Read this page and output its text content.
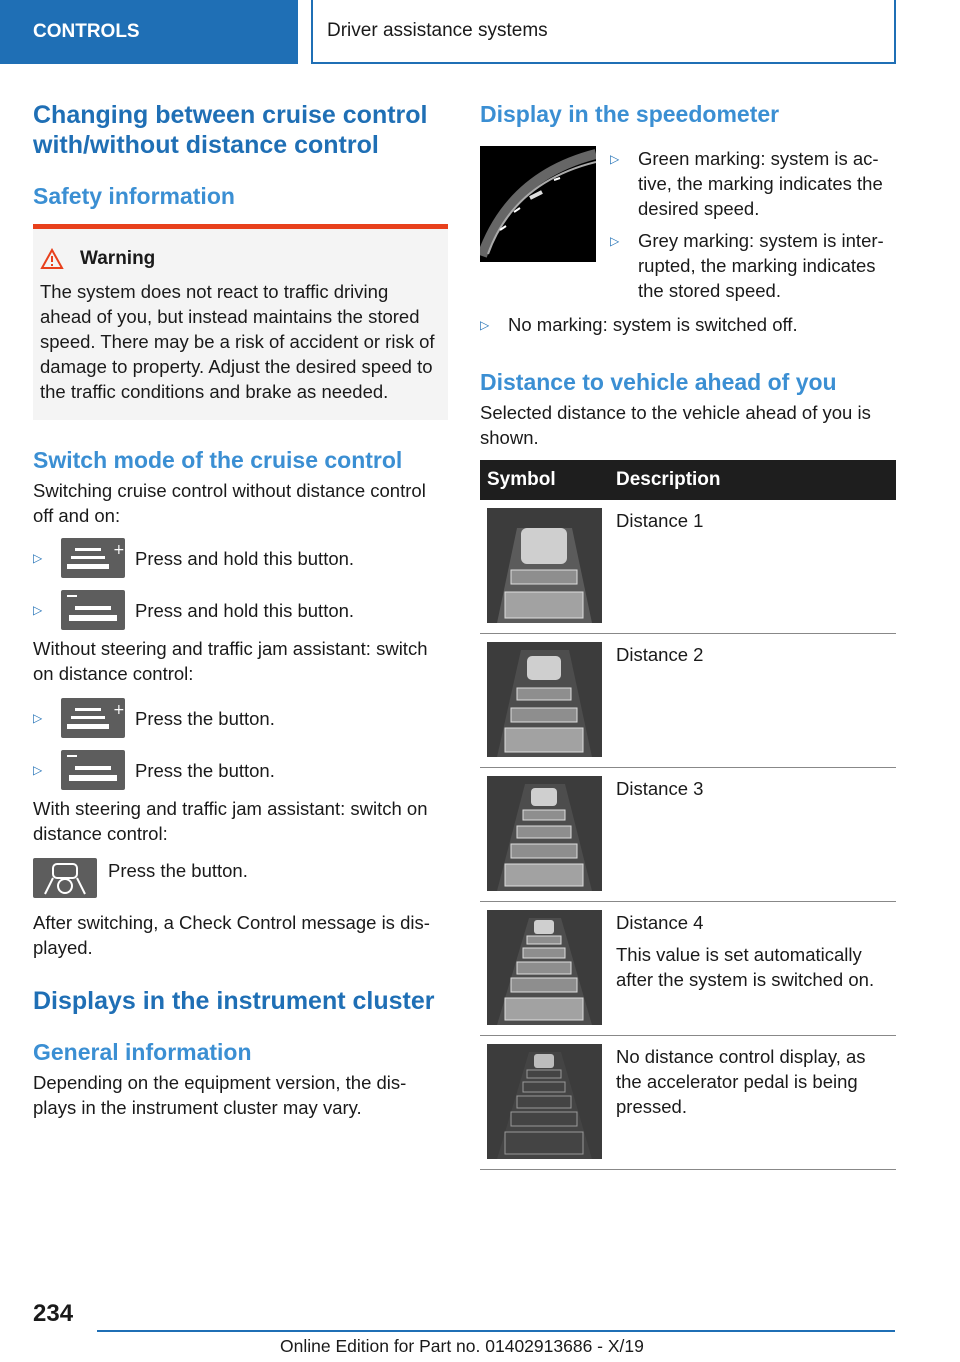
CONTROLS	Driver assistance systems
Changing between cruise control with/without distance control
Safety information
Warning

The system does not react to traffic driving ahead of you, but instead maintains the stored speed. There may be a risk of accident or risk of damage to property. Adjust the desired speed to the traffic conditions and brake as needed.

Switch mode of the cruise control

Switching cruise control without distance control off and on:

▷	+ Press and hold this button.
▷	Press and hold this button.

Without steering and traffic jam assistant: switch on distance control:

▷	+ Press the button.
▷	Press the button.

With steering and traffic jam assistant: switch on distance control:

Press the button.

After switching, a Check Control message is dis-played.

Displays in the instrument cluster
General information

Depending on the equipment version, the dis-plays in the instrument cluster may vary.

Display in the speedometer
▷	Green marking: system is ac-tive, the marking indicates the desired speed.
▷	Grey marking: system is inter-rupted, the marking indicates the stored speed.
▷	No marking: system is switched off.
Distance to vehicle ahead of you

Selected distance to the vehicle ahead of you is shown.

Symbol	Description

Distance 1

Distance 2

Distance 3

Distance 4
This value is set automatically after the system is switched on.

No distance control display, as the accelerator pedal is being pressed.
234
Online Edition for Part no. 01402913686 - X/19
